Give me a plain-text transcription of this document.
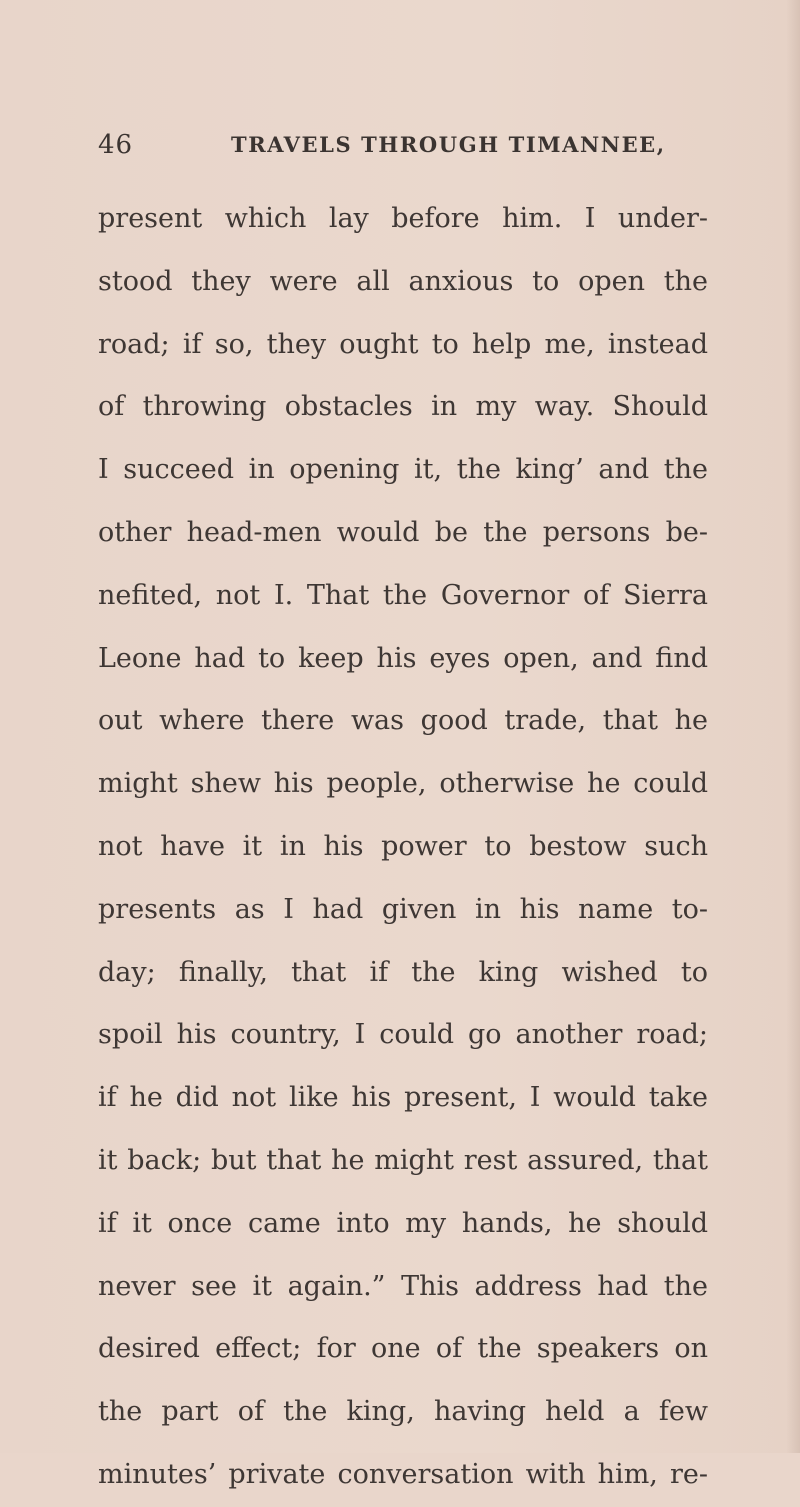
46	TRAVELS THROUGH TIMANNEE,
present which lay before him. I under-
stood they were all anxious to open the
road; if so, they ought to help me, instead
of throwing obstacles in my way. Should
I succeed in opening it, the king’ and the
other head-men would be the persons be-
nefited, not I. That the Governor of Sierra
Leone had to keep his eyes open, and find
out where there was good trade, that he
might shew his people, otherwise he could
not have it in his power to bestow such
presents as I had given in his name to-
day; finally, that if the king wished to
spoil his country, I could go another road;
if he did not like his present, I would take
it back; but that he might rest assured, that
if it once came into my hands, he should
never see it again.” This address had the
desired effect; for one of the speakers on
the part of the king, having held a few
minutes’ private conversation with him, re-
